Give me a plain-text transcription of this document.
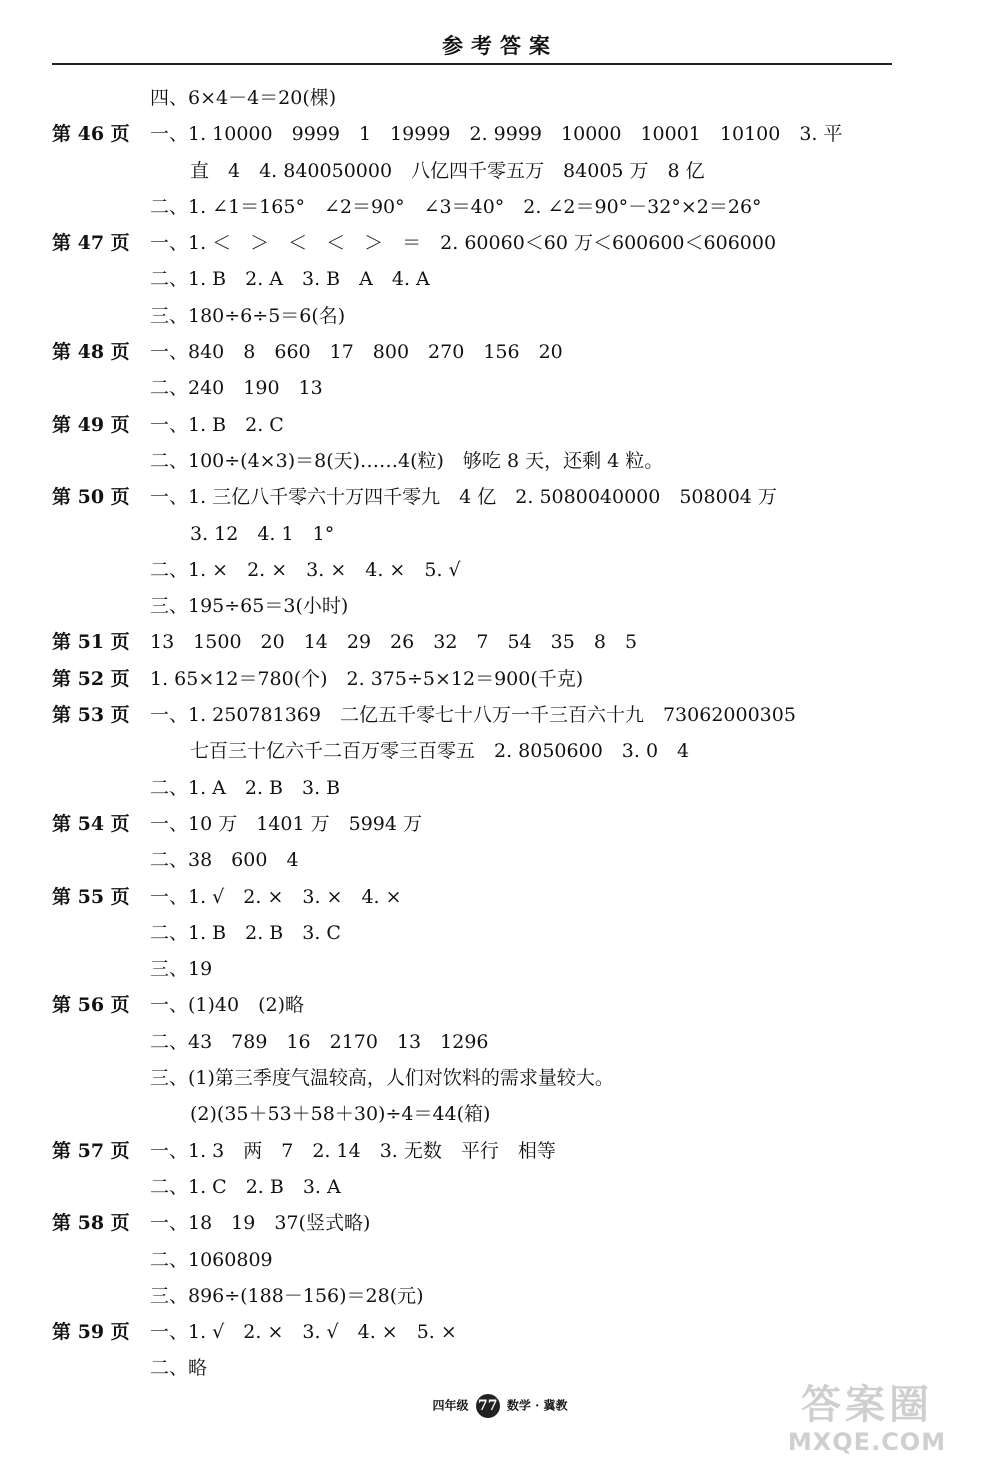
参考答案
四、6×4－4＝20(棵)
第 46 页	一、1. 10000　9999　1　19999　2. 9999　10000　10001　10100　3. 平
直　4　4. 840050000　八亿四千零五万　84005 万　8 亿
二、1. ∠1＝165°　∠2＝90°　∠3＝40°　2. ∠2＝90°－32°×2＝26°
第 47 页	一、1. ＜　＞　＜　＜　＞　＝　2. 60060＜60 万＜600600＜606000
二、1. B　2. A　3. B　A　4. A
三、180÷6÷5＝6(名)
第 48 页	一、840　8　660　17　800　270　156　20
二、240　190　13
第 49 页	一、1. B　2. C
二、100÷(4×3)＝8(天)……4(粒)　够吃 8 天，还剩 4 粒。
第 50 页	一、1. 三亿八千零六十万四千零九　4 亿　2. 5080040000　508004 万
3. 12　4. 1　1°
二、1. ×　2. ×　3. ×　4. ×　5. √
三、195÷65＝3(小时)
第 51 页	13　1500　20　14　29　26　32　7　54　35　8　5
第 52 页	1. 65×12＝780(个)　2. 375÷5×12＝900(千克)
第 53 页	一、1. 250781369　二亿五千零七十八万一千三百六十九　73062000305
七百三十亿六千二百万零三百零五　2. 8050600　3. 0　4
二、1. A　2. B　3. B
第 54 页	一、10 万　1401 万　5994 万
二、38　600　4
第 55 页	一、1. √　2. ×　3. ×　4. ×
二、1. B　2. B　3. C
三、19
第 56 页	一、(1)40　(2)略
二、43　789　16　2170　13　1296
三、(1)第三季度气温较高，人们对饮料的需求量较大。
(2)(35＋53＋58＋30)÷4＝44(箱)
第 57 页	一、1. 3　两　7　2. 14　3. 无数　平行　相等
二、1. C　2. B　3. A
第 58 页	一、18　19　37(竖式略)
二、1060809
三、896÷(188－156)＝28(元)
第 59 页	一、1. √　2. ×　3. √　4. ×　5. ×
二、略
四年级 77 数学 · 冀教	答案圈
MXQE.COM
